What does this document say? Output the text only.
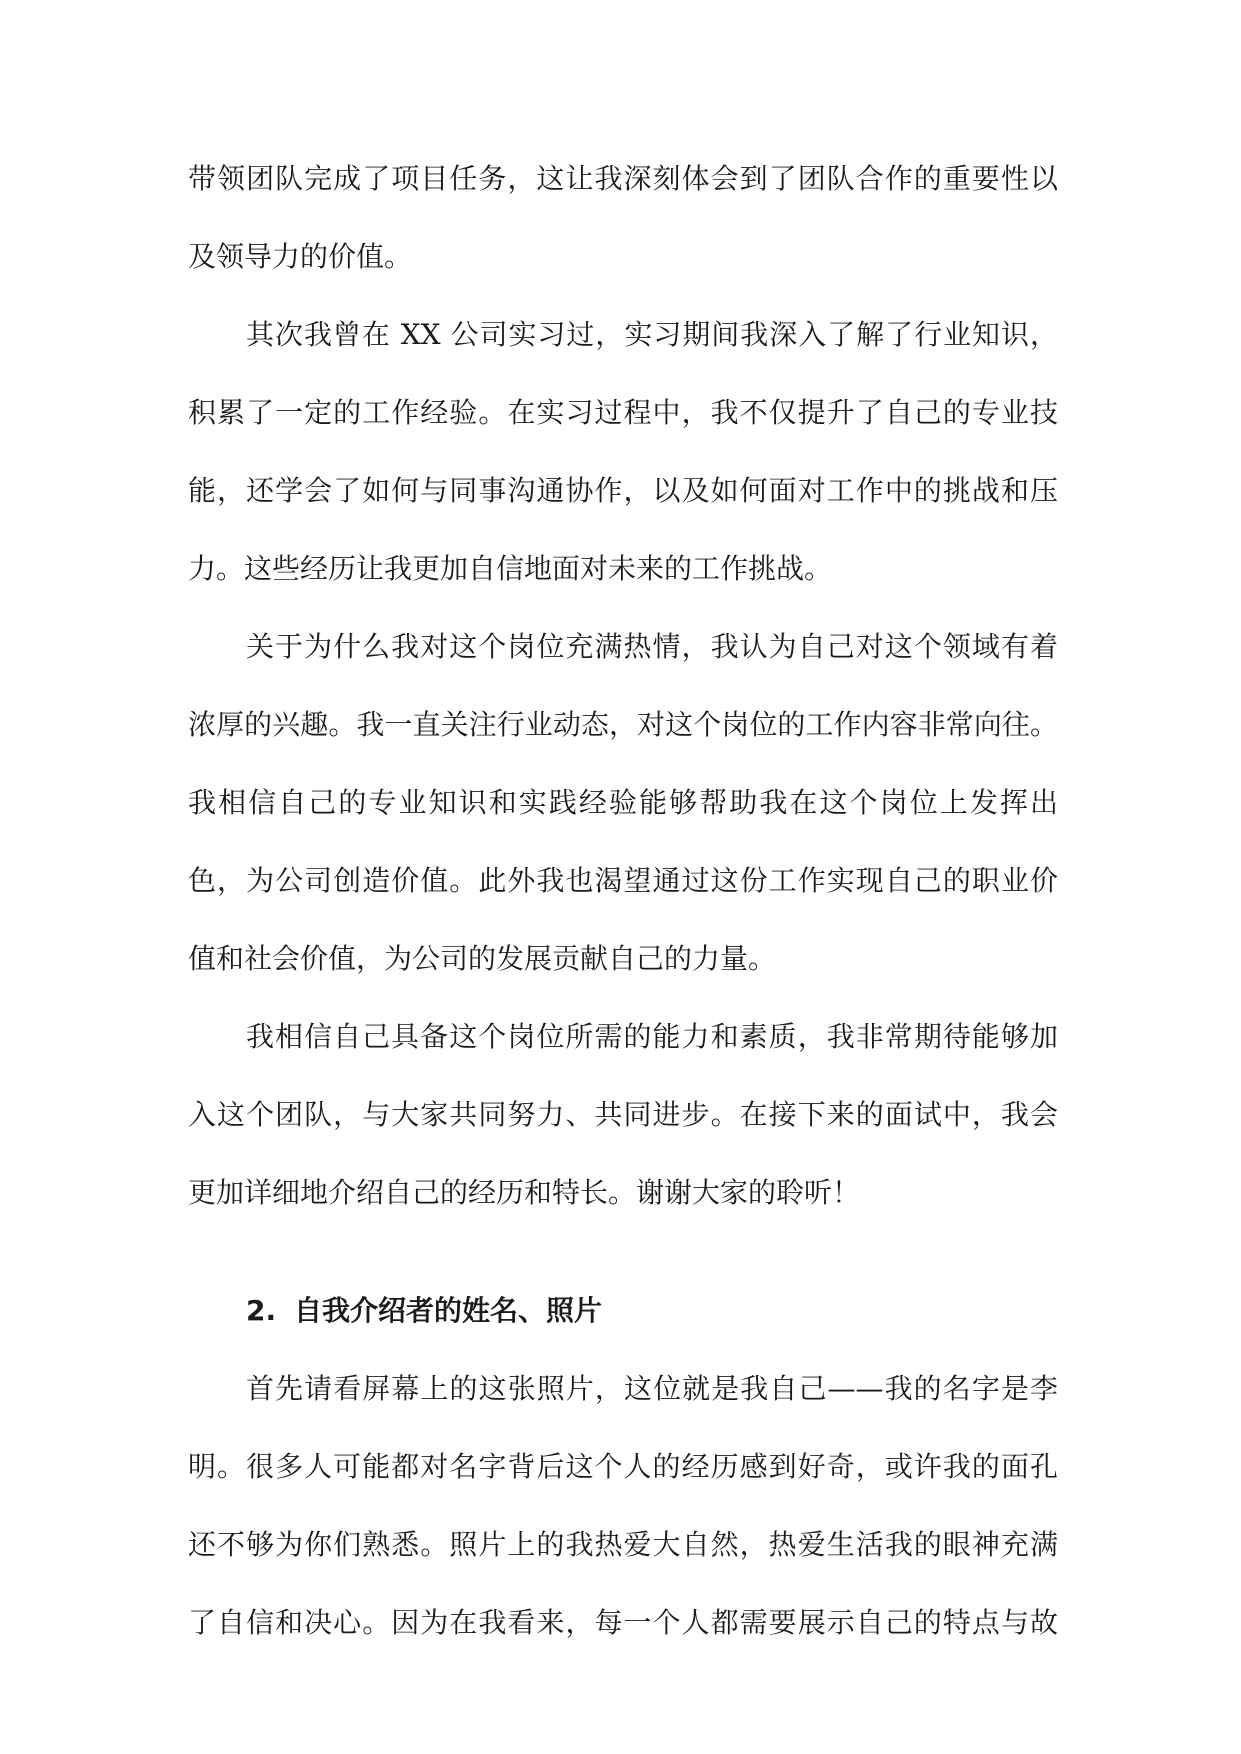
带领团队完成了项目任务，这让我深刻体会到了团队合作的重要性以
及领导力的价值。
其次我曾在 XX 公司实习过，实习期间我深入了解了行业知识，
积累了一定的工作经验。在实习过程中，我不仅提升了自己的专业技
能，还学会了如何与同事沟通协作，以及如何面对工作中的挑战和压
力。这些经历让我更加自信地面对未来的工作挑战。
关于为什么我对这个岗位充满热情，我认为自己对这个领域有着
浓厚的兴趣。我一直关注行业动态，对这个岗位的工作内容非常向往。
我相信自己的专业知识和实践经验能够帮助我在这个岗位上发挥出
色，为公司创造价值。此外我也渴望通过这份工作实现自己的职业价
值和社会价值，为公司的发展贡献自己的力量。
我相信自己具备这个岗位所需的能力和素质，我非常期待能够加
入这个团队，与大家共同努力、共同进步。在接下来的面试中，我会
更加详细地介绍自己的经历和特长。谢谢大家的聆听！
2. 自我介绍者的姓名、照片
首先请看屏幕上的这张照片，这位就是我自己——我的名字是李
明。很多人可能都对名字背后这个人的经历感到好奇，或许我的面孔
还不够为你们熟悉。照片上的我热爱大自然，热爱生活我的眼神充满
了自信和决心。因为在我看来，每一个人都需要展示自己的特点与故
